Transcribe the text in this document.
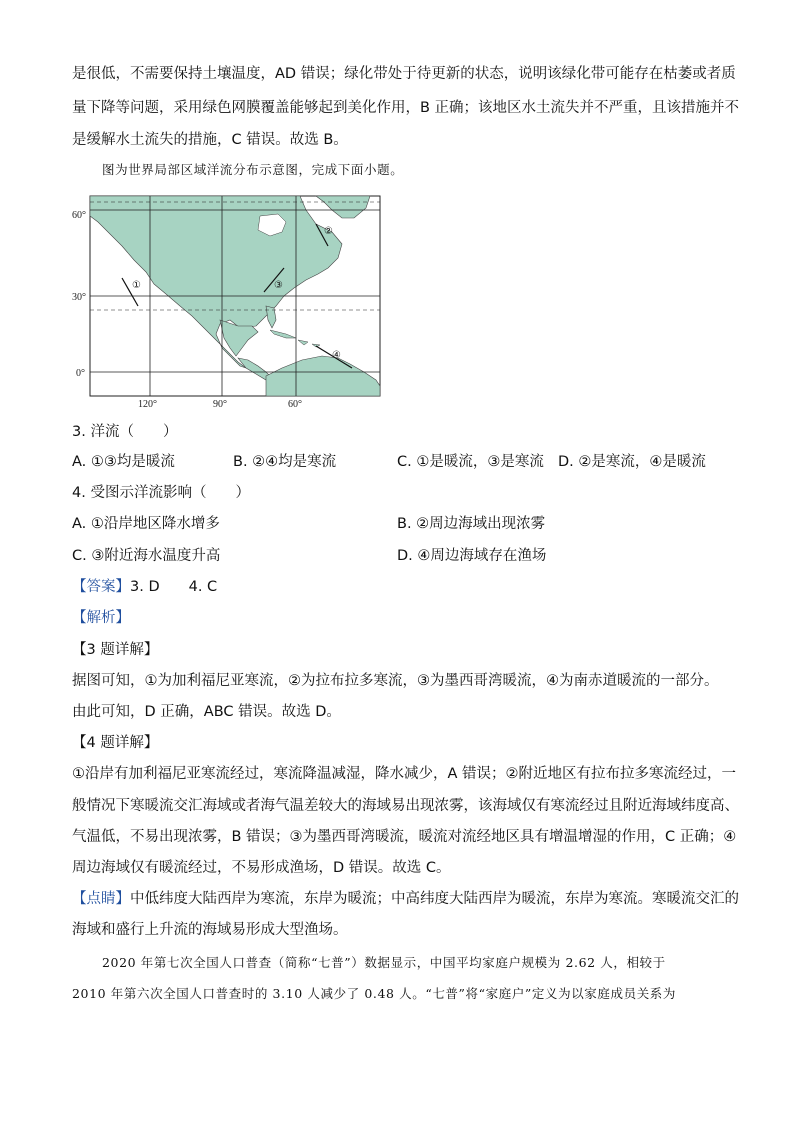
是很低，不需要保持土壤温度，AD 错误；绿化带处于待更新的状态，说明该绿化带可能存在枯萎或者质
量下降等问题，采用绿色网膜覆盖能够起到美化作用，B 正确；该地区水土流失并不严重，且该措施并不
是缓解水土流失的措施，C 错误。故选 B。
图为世界局部区域洋流分布示意图，完成下面小题。
①
②
③
④
60°
30°
0°
120°	90°	60°
3. 洋流（　　）
A. ①③均是暖流	B. ②④均是寒流	C. ①是暖流，③是寒流 D. ②是寒流，④是暖流
4. 受图示洋流影响（　　）
A. ①沿岸地区降水增多	B. ②周边海域出现浓雾
C. ③附近海水温度升高	D. ④周边海域存在渔场
【答案】3. D　　4. C
【解析】
【3 题详解】
据图可知，①为加利福尼亚寒流，②为拉布拉多寒流，③为墨西哥湾暖流，④为南赤道暖流的一部分。
由此可知，D 正确，ABC 错误。故选 D。
【4 题详解】
①沿岸有加利福尼亚寒流经过，寒流降温减湿，降水减少，A 错误；②附近地区有拉布拉多寒流经过，一
般情况下寒暖流交汇海域或者海气温差较大的海域易出现浓雾，该海域仅有寒流经过且附近海域纬度高、
气温低，不易出现浓雾，B 错误；③为墨西哥湾暖流，暖流对流经地区具有增温增湿的作用，C 正确；④
周边海域仅有暖流经过，不易形成渔场，D 错误。故选 C。
【点睛】中低纬度大陆西岸为寒流，东岸为暖流；中高纬度大陆西岸为暖流，东岸为寒流。寒暖流交汇的
海域和盛行上升流的海域易形成大型渔场。
2020 年第七次全国人口普查（简称“七普”）数据显示，中国平均家庭户规模为 2.62 人，相较于
2010 年第六次全国人口普查时的 3.10 人减少了 0.48 人。“七普”将“家庭户”定义为以家庭成员关系为
